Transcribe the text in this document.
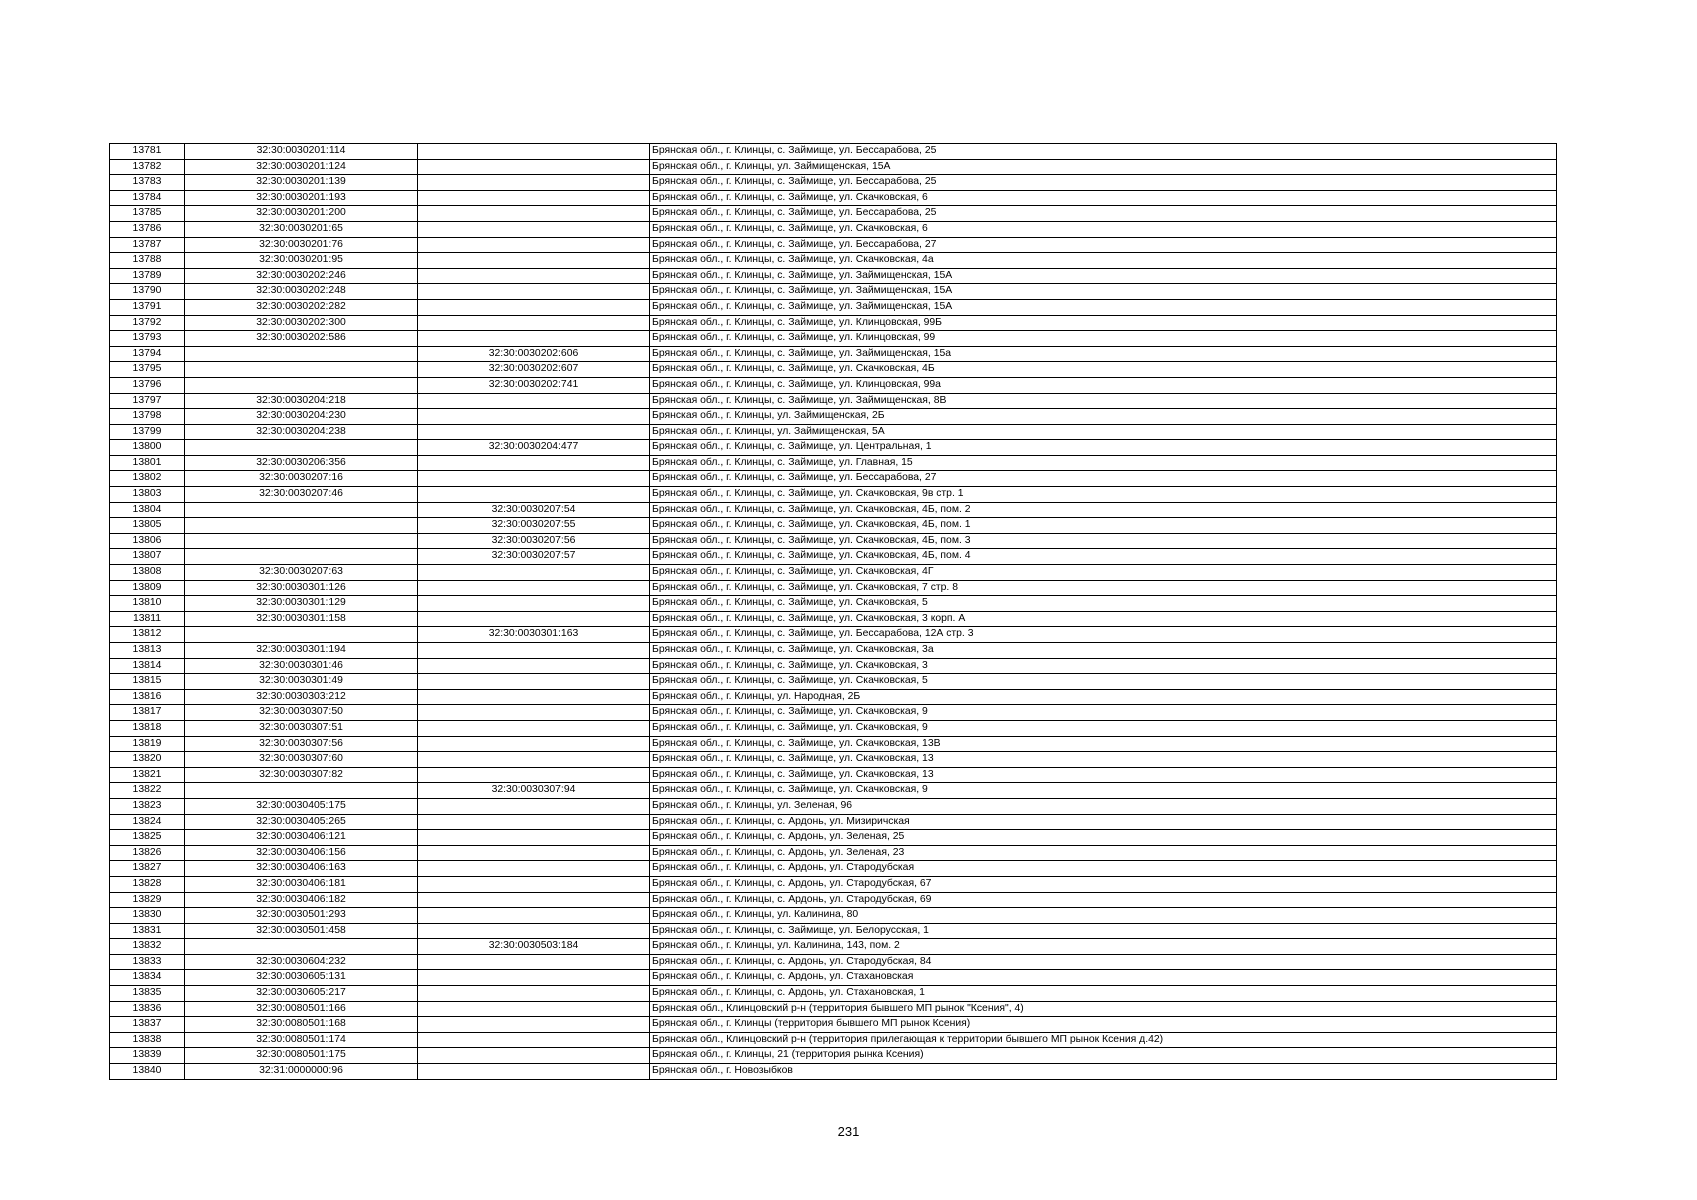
13781	32:30:0030201:114		Брянская обл., г. Клинцы, с. Займище, ул. Бессарабова, 25
13782	32:30:0030201:124		Брянская обл., г. Клинцы, ул. Займищенская, 15А
13783	32:30:0030201:139		Брянская обл., г. Клинцы, с. Займище, ул. Бессарабова, 25
13784	32:30:0030201:193		Брянская обл., г. Клинцы, с. Займище, ул. Скачковская, 6
13785	32:30:0030201:200		Брянская обл., г. Клинцы, с. Займище, ул. Бессарабова, 25
13786	32:30:0030201:65		Брянская обл., г. Клинцы, с. Займище, ул. Скачковская, 6
13787	32:30:0030201:76		Брянская обл., г. Клинцы, с. Займище, ул. Бессарабова, 27
13788	32:30:0030201:95		Брянская обл., г. Клинцы, с. Займище, ул. Скачковская, 4а
13789	32:30:0030202:246		Брянская обл., г. Клинцы, с. Займище, ул. Займищенская, 15А
13790	32:30:0030202:248		Брянская обл., г. Клинцы, с. Займище, ул. Займищенская, 15А
13791	32:30:0030202:282		Брянская обл., г. Клинцы, с. Займище, ул. Займищенская, 15А
13792	32:30:0030202:300		Брянская обл., г. Клинцы, с. Займище, ул. Клинцовская, 99Б
13793	32:30:0030202:586		Брянская обл., г. Клинцы, с. Займище, ул. Клинцовская, 99
13794		32:30:0030202:606	Брянская обл., г. Клинцы, с. Займище, ул. Займищенская, 15а
13795		32:30:0030202:607	Брянская обл., г. Клинцы, с. Займище, ул. Скачковская, 4Б
13796		32:30:0030202:741	Брянская обл., г. Клинцы, с. Займище, ул. Клинцовская, 99а
13797	32:30:0030204:218		Брянская обл., г. Клинцы, с. Займище, ул. Займищенская, 8В
13798	32:30:0030204:230		Брянская обл., г. Клинцы, ул. Займищенская, 2Б
13799	32:30:0030204:238		Брянская обл., г. Клинцы, ул. Займищенская, 5А
13800		32:30:0030204:477	Брянская обл., г. Клинцы, с. Займище, ул. Центральная, 1
13801	32:30:0030206:356		Брянская обл., г. Клинцы, с. Займище, ул. Главная, 15
13802	32:30:0030207:16		Брянская обл., г. Клинцы, с. Займище, ул. Бессарабова, 27
13803	32:30:0030207:46		Брянская обл., г. Клинцы, с. Займище, ул. Скачковская, 9в стр. 1
13804		32:30:0030207:54	Брянская обл., г. Клинцы, с. Займище, ул. Скачковская, 4Б, пом. 2
13805		32:30:0030207:55	Брянская обл., г. Клинцы, с. Займище, ул. Скачковская, 4Б, пом. 1
13806		32:30:0030207:56	Брянская обл., г. Клинцы, с. Займище, ул. Скачковская, 4Б, пом. 3
13807		32:30:0030207:57	Брянская обл., г. Клинцы, с. Займище, ул. Скачковская, 4Б, пом. 4
13808	32:30:0030207:63		Брянская обл., г. Клинцы, с. Займище, ул. Скачковская, 4Г
13809	32:30:0030301:126		Брянская обл., г. Клинцы, с. Займище, ул. Скачковская, 7 стр. 8
13810	32:30:0030301:129		Брянская обл., г. Клинцы, с. Займище, ул. Скачковская, 5
13811	32:30:0030301:158		Брянская обл., г. Клинцы, с. Займище, ул. Скачковская, 3 корп. А
13812		32:30:0030301:163	Брянская обл., г. Клинцы, с. Займище, ул. Бессарабова, 12А стр. 3
13813	32:30:0030301:194		Брянская обл., г. Клинцы, с. Займище, ул. Скачковская, 3а
13814	32:30:0030301:46		Брянская обл., г. Клинцы, с. Займище, ул. Скачковская, 3
13815	32:30:0030301:49		Брянская обл., г. Клинцы, с. Займище, ул. Скачковская, 5
13816	32:30:0030303:212		Брянская обл., г. Клинцы, ул. Народная, 2Б
13817	32:30:0030307:50		Брянская обл., г. Клинцы, с. Займище, ул. Скачковская, 9
13818	32:30:0030307:51		Брянская обл., г. Клинцы, с. Займище, ул. Скачковская, 9
13819	32:30:0030307:56		Брянская обл., г. Клинцы, с. Займище, ул. Скачковская, 13В
13820	32:30:0030307:60		Брянская обл., г. Клинцы, с. Займище, ул. Скачковская, 13
13821	32:30:0030307:82		Брянская обл., г. Клинцы, с. Займище, ул. Скачковская, 13
13822		32:30:0030307:94	Брянская обл., г. Клинцы, с. Займище, ул. Скачковская, 9
13823	32:30:0030405:175		Брянская обл., г. Клинцы, ул. Зеленая, 96
13824	32:30:0030405:265		Брянская обл., г. Клинцы, с. Ардонь, ул. Мизиричская
13825	32:30:0030406:121		Брянская обл., г. Клинцы, с. Ардонь, ул. Зеленая, 25
13826	32:30:0030406:156		Брянская обл., г. Клинцы, с. Ардонь, ул. Зеленая, 23
13827	32:30:0030406:163		Брянская обл., г. Клинцы, с. Ардонь, ул. Стародубская
13828	32:30:0030406:181		Брянская обл., г. Клинцы, с. Ардонь, ул. Стародубская, 67
13829	32:30:0030406:182		Брянская обл., г. Клинцы, с. Ардонь, ул. Стародубская, 69
13830	32:30:0030501:293		Брянская обл., г. Клинцы, ул. Калинина, 80
13831	32:30:0030501:458		Брянская обл., г. Клинцы, с. Займище, ул. Белорусская, 1
13832		32:30:0030503:184	Брянская обл., г. Клинцы, ул. Калинина, 143, пом. 2
13833	32:30:0030604:232		Брянская обл., г. Клинцы, с. Ардонь, ул. Стародубская, 84
13834	32:30:0030605:131		Брянская обл., г. Клинцы, с. Ардонь, ул. Стахановская
13835	32:30:0030605:217		Брянская обл., г. Клинцы, с. Ардонь, ул. Стахановская, 1
13836	32:30:0080501:166		Брянская обл., Клинцовский р-н (территория бывшего МП рынок "Ксения", 4)
13837	32:30:0080501:168		Брянская обл., г. Клинцы (территория бывшего МП рынок Ксения)
13838	32:30:0080501:174		Брянская обл., Клинцовский р-н (территория прилегающая к территории бывшего МП рынок Ксения д.42)
13839	32:30:0080501:175		Брянская обл., г. Клинцы, 21 (территория рынка Ксения)
13840	32:31:0000000:96		Брянская обл., г. Новозыбков
231
